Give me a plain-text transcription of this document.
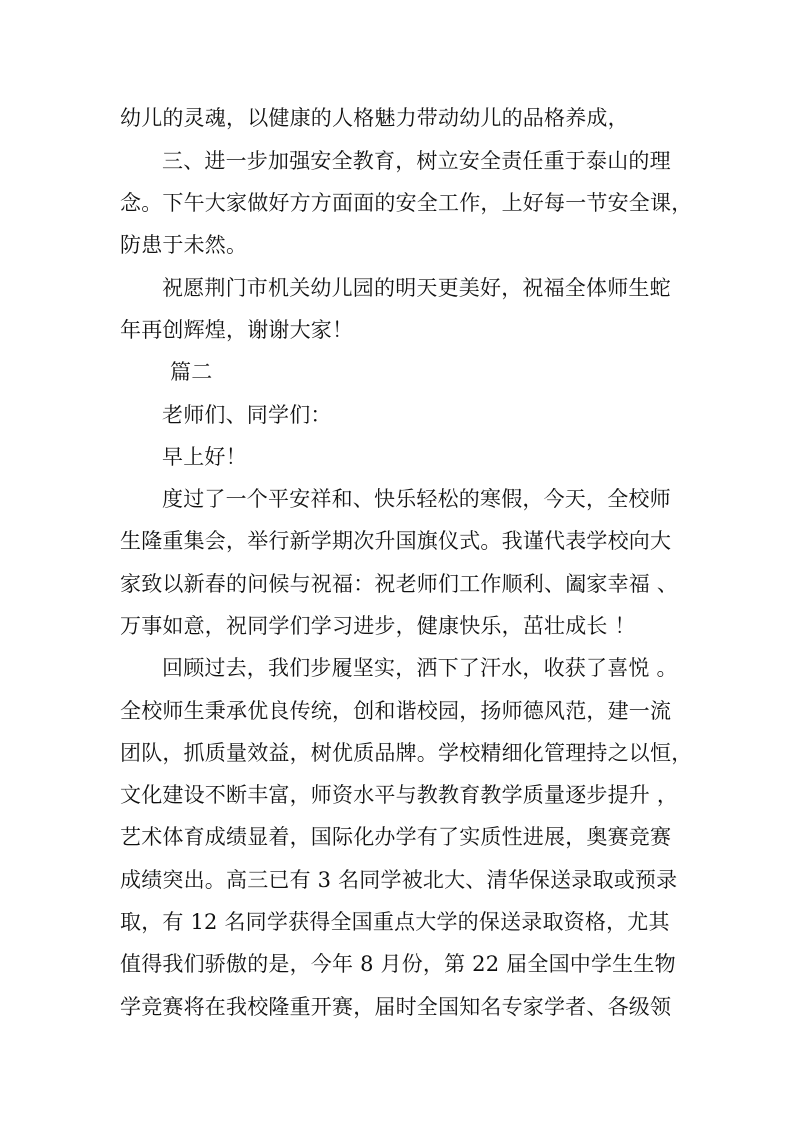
幼儿的灵魂，以健康的人格魅力带动幼儿的品格养成，
三、进一步加强安全教育，树立安全责任重于泰山的理
念。下午大家做好方方面面的安全工作，上好每一节安全课，
防患于未然。
祝愿荆门市机关幼儿园的明天更美好，祝福全体师生蛇
年再创辉煌，谢谢大家！
篇二
老师们、同学们：
早上好！
度过了一个平安祥和、快乐轻松的寒假，今天，全校师
生隆重集会，举行新学期次升国旗仪式。我谨代表学校向大
家致以新春的问候与祝福：祝老师们工作顺利、阖家幸福 、
万事如意，祝同学们学习进步，健康快乐，茁壮成长 ！
回顾过去，我们步履坚实，洒下了汗水，收获了喜悦 。
全校师生秉承优良传统，创和谐校园，扬师德风范，建一流
团队，抓质量效益，树优质品牌。学校精细化管理持之以恒，
文化建设不断丰富，师资水平与教教育教学质量逐步提升 ，
艺术体育成绩显着，国际化办学有了实质性进展，奥赛竞赛
成绩突出。高三已有 3 名同学被北大、清华保送录取或预录
取，有 12 名同学获得全国重点大学的保送录取资格，尤其
值得我们骄傲的是，今年 8 月份，第 22 届全国中学生生物
学竞赛将在我校隆重开赛，届时全国知名专家学者、各级领
